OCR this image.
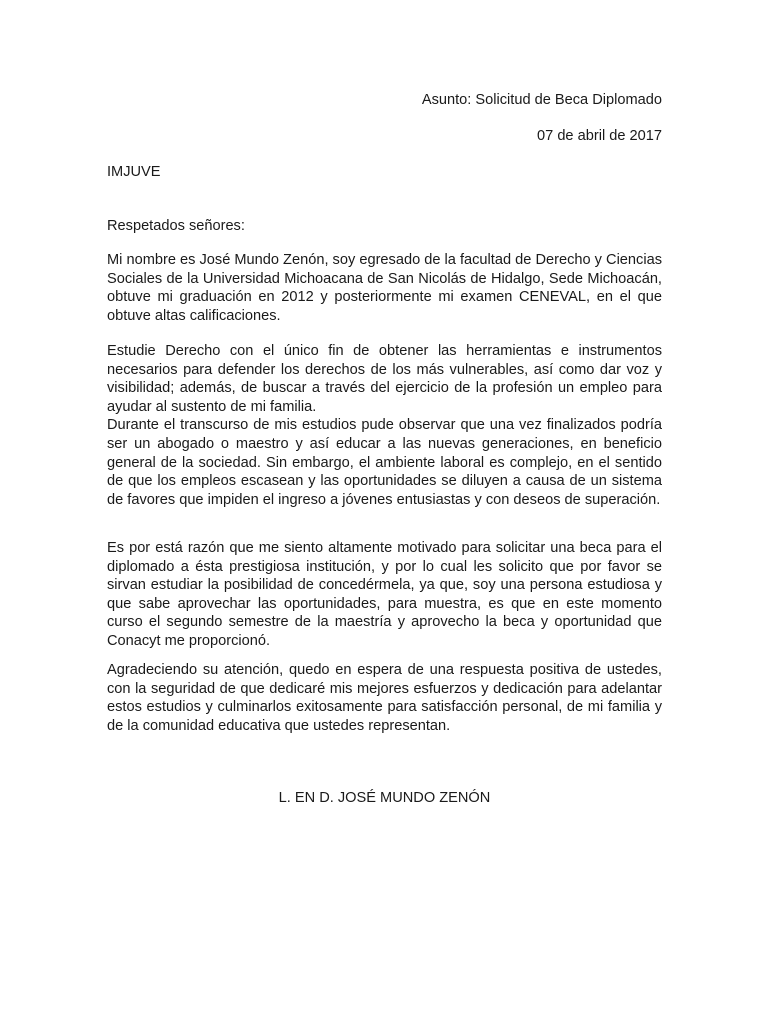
Asunto: Solicitud de Beca Diplomado
07 de abril de 2017
IMJUVE
Respetados señores:

Mi nombre es José Mundo Zenón, soy egresado de la facultad de Derecho y Ciencias Sociales de la Universidad Michoacana de San Nicolás de Hidalgo, Sede Michoacán, obtuve mi graduación en 2012 y posteriormente mi examen CENEVAL, en el que obtuve altas calificaciones.

Estudie Derecho con el único fin de obtener las herramientas e instrumentos necesarios para defender los derechos de los más vulnerables, así como dar voz y visibilidad; además, de buscar a través del ejercicio de la profesión un empleo para ayudar al sustento de mi familia.

Durante el transcurso de mis estudios pude observar que una vez finalizados podría ser un abogado o maestro y así educar a las nuevas generaciones, en beneficio general de la sociedad. Sin embargo, el ambiente laboral es complejo, en el sentido de que los empleos escasean y las oportunidades se diluyen a causa de un sistema de favores que impiden el ingreso a jóvenes entusiastas y con deseos de superación.

Es por está razón que me siento altamente motivado para solicitar una beca para el diplomado a ésta prestigiosa institución, y por lo cual les solicito que por favor se sirvan estudiar la posibilidad de concedérmela, ya que, soy una persona estudiosa y que sabe aprovechar las oportunidades, para muestra, es que en este momento curso el segundo semestre de la maestría y aprovecho la beca y oportunidad que Conacyt me proporcionó.

Agradeciendo su atención, quedo en espera de una respuesta positiva de ustedes, con la seguridad de que dedicaré mis mejores esfuerzos y dedicación para adelantar estos estudios y culminarlos exitosamente para satisfacción personal, de mi familia y de la comunidad educativa que ustedes representan.

L. EN D. JOSÉ MUNDO ZENÓN
